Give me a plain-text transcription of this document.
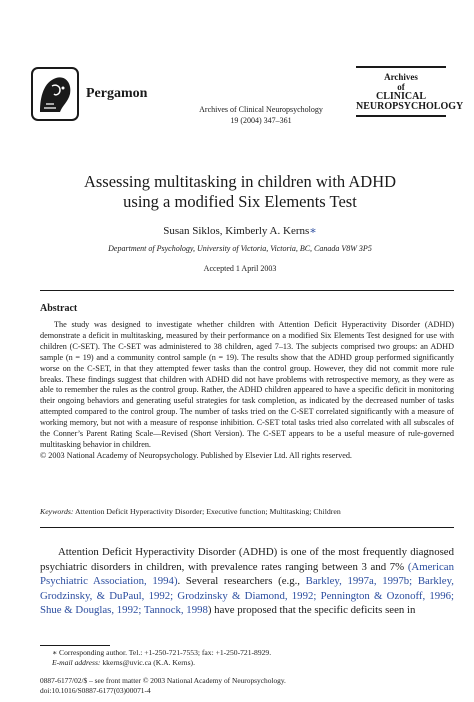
Pergamon
Archives of Clinical Neuropsychology
19 (2004) 347–361
Archives
of
CLINICAL
NEUROPSYCHOLOGY
Assessing multitasking in children with ADHD
using a modified Six Elements Test
Susan Siklos, Kimberly A. Kerns∗
Department of Psychology, University of Victoria, Victoria, BC, Canada V8W 3P5
Accepted 1 April 2003
Abstract

The study was designed to investigate whether children with Attention Deficit Hyperactivity Disorder (ADHD) demonstrate a deficit in multitasking, measured by their performance on a modified Six Elements Test designed for use with children (C-SET). The C-SET was administered to 38 children, aged 7–13. The subjects comprised two groups: an ADHD sample (n = 19) and a community control sample (n = 19). The results show that the ADHD group performed significantly worse on the C-SET, in that they attempted fewer tasks than the control group. However, they did not commit more rule breaks. These findings suggest that children with ADHD did not have problems with retrospective memory, as they were as able to remember the rules as the control group. Rather, the ADHD children appeared to have a specific deficit in monitoring their ongoing behaviors and generating useful strategies for task completion, as indicated by the decreased number of tasks attempted compared to the control group. The number of tasks tried on the C-SET correlated significantly with a measure of working memory, but not with a measure of response inhibition. C-SET total tasks tried also correlated with all subscales of the Conner’s Parent Rating Scale—Revised (Short Version). The C-SET appears to be a useful measure of rule-governed multitasking behavior in children.

© 2003 National Academy of Neuropsychology. Published by Elsevier Ltd. All rights reserved.

Keywords: Attention Deficit Hyperactivity Disorder; Executive function; Multitasking; Children
Attention Deficit Hyperactivity Disorder (ADHD) is one of the most frequently diagnosed psychiatric disorders in children, with prevalence rates ranging between 3 and 7% (American Psychiatric Association, 1994). Several researchers (e.g., Barkley, 1997a, 1997b; Barkley, Grodzinsky, & DuPaul, 1992; Grodzinsky & Diamond, 1992; Pennington & Ozonoff, 1996; Shue & Douglas, 1992; Tannock, 1998) have proposed that the specific deficits seen in
∗ Corresponding author. Tel.: +1-250-721-7553; fax: +1-250-721-8929.
E-mail address: kkerns@uvic.ca (K.A. Kerns).
0887-6177/02/$ – see front matter © 2003 National Academy of Neuropsychology.
doi:10.1016/S0887-6177(03)00071-4
